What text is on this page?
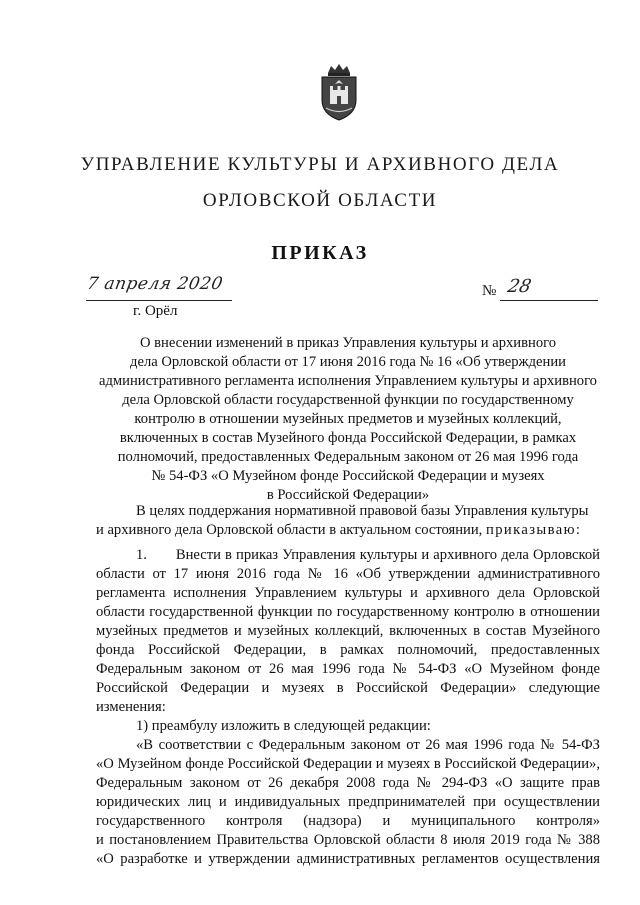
УПРАВЛЕНИЕ КУЛЬТУРЫ И АРХИВНОГО ДЕЛА
ОРЛОВСКОЙ ОБЛАСТИ
ПРИКАЗ
7 апреля 2020
г. Орёл
№ 28
О внесении изменений в приказ Управления культуры и архивного
дела Орловской области от 17 июня 2016 года № 16 «Об утверждении
административного регламента исполнения Управлением культуры и архивного
дела Орловской области государственной функции по государственному
контролю в отношении музейных предметов и музейных коллекций,
включенных в состав Музейного фонда Российской Федерации, в рамках
полномочий, предоставленных Федеральным законом от 26 мая 1996 года
№ 54-ФЗ «О Музейном фонде Российской Федерации и музеях
в Российской Федерации»
В целях поддержания нормативной правовой базы Управления культуры
и архивного дела Орловской области в актуальном состоянии, приказываю:
1. Внести в приказ Управления культуры и архивного дела Орловской
области от 17 июня 2016 года № 16 «Об утверждении административного
регламента исполнения Управлением культуры и архивного дела Орловской
области государственной функции по государственному контролю в отношении
музейных предметов и музейных коллекций, включенных в состав Музейного
фонда Российской Федерации, в рамках полномочий, предоставленных
Федеральным законом от 26 мая 1996 года № 54-ФЗ «О Музейном фонде
Российской Федерации и музеях в Российской Федерации» следующие
изменения:
1) преамбулу изложить в следующей редакции:
«В соответствии с Федеральным законом от 26 мая 1996 года № 54-ФЗ
«О Музейном фонде Российской Федерации и музеях в Российской Федерации»,
Федеральным законом от 26 декабря 2008 года № 294-ФЗ «О защите прав
юридических лиц и индивидуальных предпринимателей при осуществлении
государственного контроля (надзора) и муниципального контроля»
и постановлением Правительства Орловской области 8 июля 2019 года № 388
«О разработке и утверждении административных регламентов осуществления
